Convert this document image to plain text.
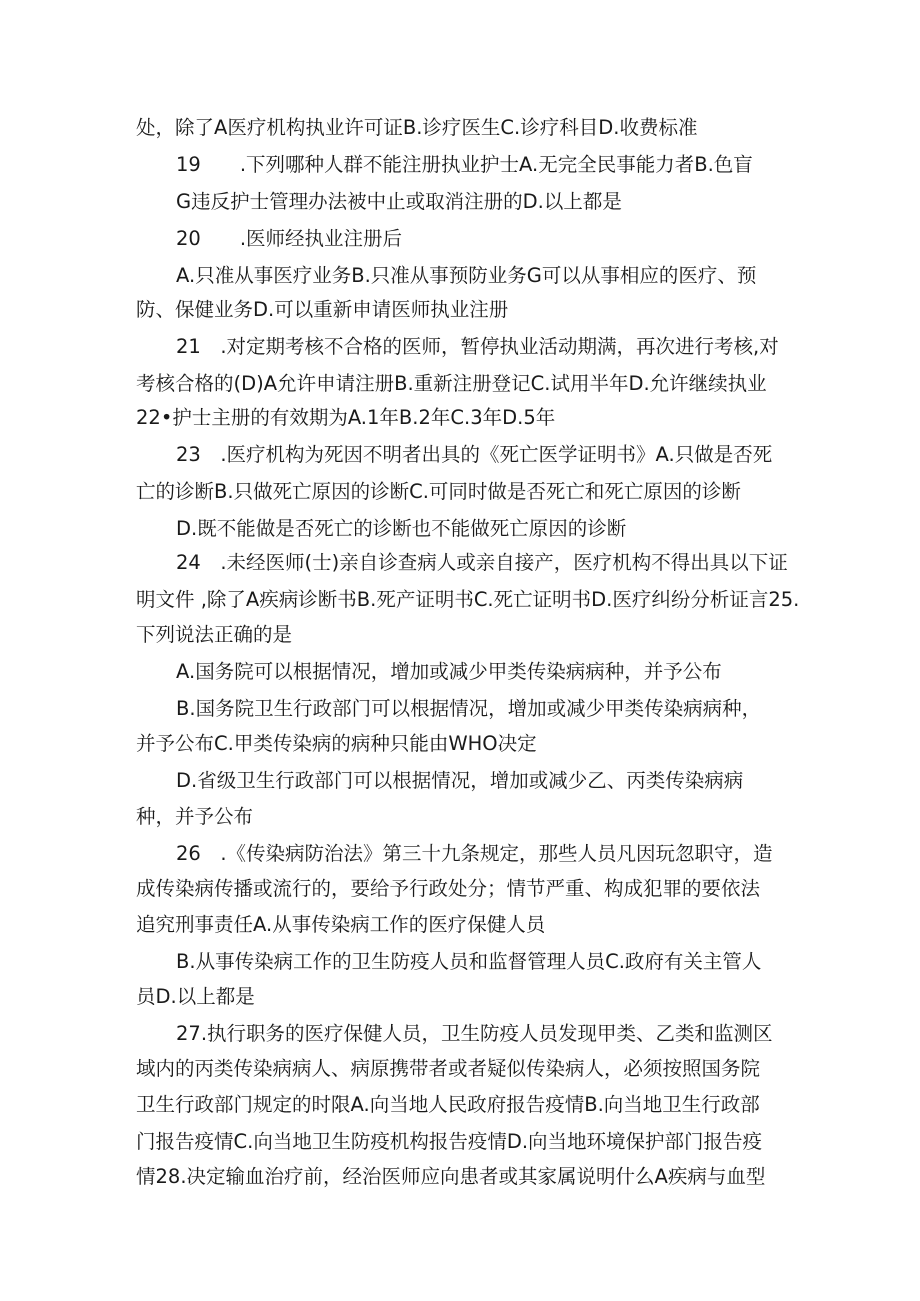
处，除了A医疗机构执业许可证B.诊疗医生C.诊疗科目D.收费标准
19　　.下列哪种人群不能注册执业护士A.无完全民事能力者B.色盲
G违反护士管理办法被中止或取消注册的D.以上都是
20　　.医师经执业注册后
A.只准从事医疗业务B.只准从事预防业务G可以从事相应的医疗、预
防、保健业务D.可以重新申请医师执业注册
21　.对定期考核不合格的医师，暂停执业活动期满，再次进行考核,对
考核合格的(D)A允许申请注册B.重新注册登记C.试用半年D.允许继续执业
22•护士主册的有效期为A.1年B.2年C.3年D.5年
23　.医疗机构为死因不明者出具的《死亡医学证明书》A.只做是否死
亡的诊断B.只做死亡原因的诊断C.可同时做是否死亡和死亡原因的诊断
D.既不能做是否死亡的诊断也不能做死亡原因的诊断
24　.未经医师(士)亲自诊查病人或亲自接产，医疗机构不得出具以下证
明文件 ,除了A疾病诊断书B.死产证明书C.死亡证明书D.医疗纠纷分析证言25.
下列说法正确的是
A.国务院可以根据情况，增加或减少甲类传染病病种，并予公布
B.国务院卫生行政部门可以根据情况，增加或减少甲类传染病病种，
并予公布C.甲类传染病的病种只能由WHO决定
D.省级卫生行政部门可以根据情况，增加或减少乙、丙类传染病病
种，并予公布
26　.《传染病防治法》第三十九条规定，那些人员凡因玩忽职守，造
成传染病传播或流行的，要给予行政处分；情节严重、构成犯罪的要依法
追究刑事责任A.从事传染病工作的医疗保健人员
B.从事传染病工作的卫生防疫人员和监督管理人员C.政府有关主管人
员D.以上都是
27.执行职务的医疗保健人员，卫生防疫人员发现甲类、乙类和监测区
域内的丙类传染病病人、病原携带者或者疑似传染病人，必须按照国务院
卫生行政部门规定的时限A.向当地人民政府报告疫情B.向当地卫生行政部
门报告疫情C.向当地卫生防疫机构报告疫情D.向当地环境保护部门报告疫
情28.决定输血治疗前，经治医师应向患者或其家属说明什么A疾病与血型
